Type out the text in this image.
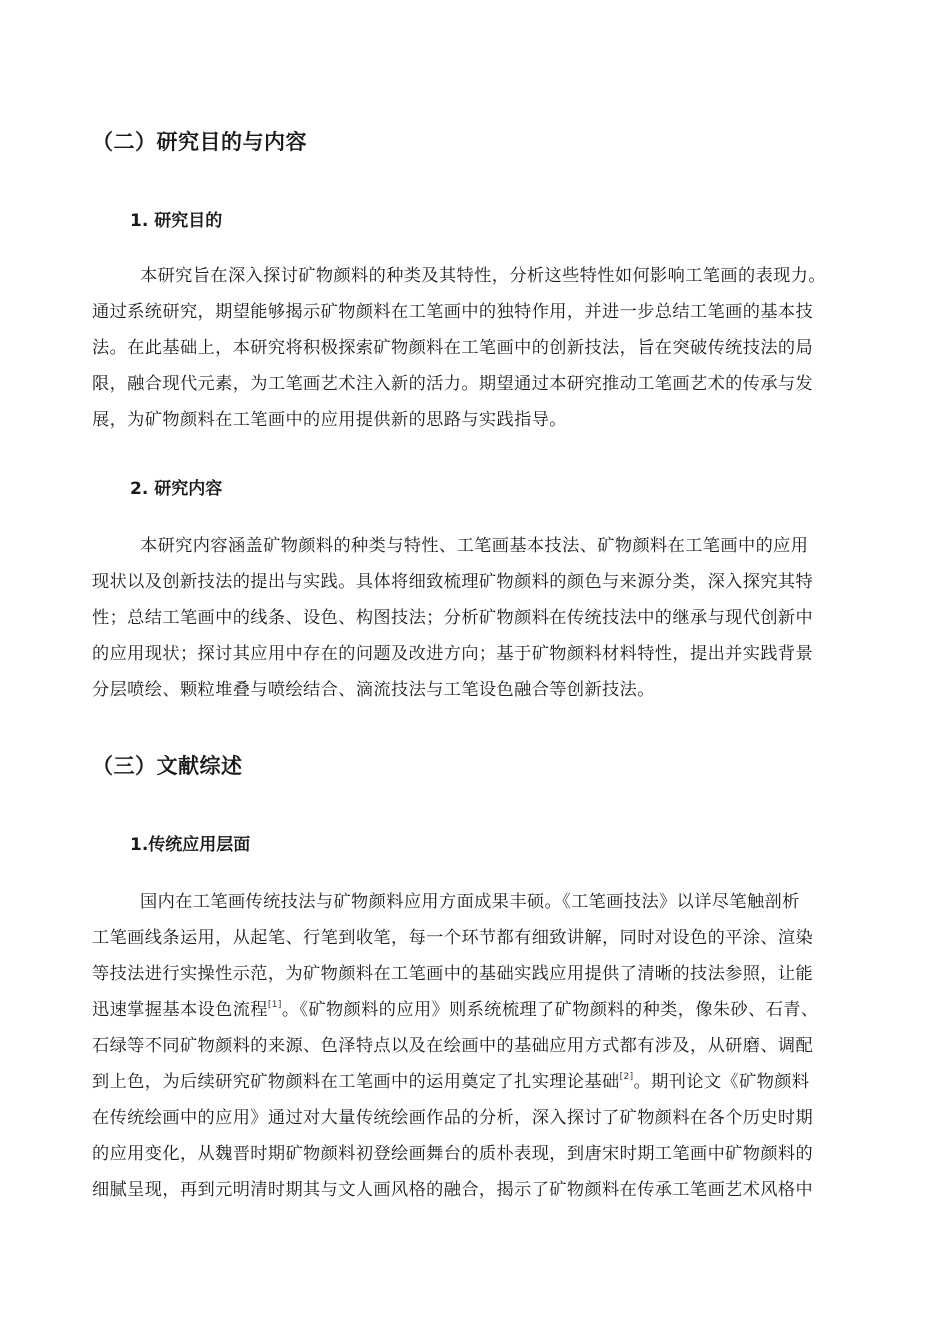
（二）研究目的与内容
1. 研究目的
本研究旨在深入探讨矿物颜料的种类及其特性，分析这些特性如何影响工笔画的表现力。
通过系统研究，期望能够揭示矿物颜料在工笔画中的独特作用，并进一步总结工笔画的基本技
法。在此基础上，本研究将积极探索矿物颜料在工笔画中的创新技法，旨在突破传统技法的局
限，融合现代元素，为工笔画艺术注入新的活力。期望通过本研究推动工笔画艺术的传承与发
展，为矿物颜料在工笔画中的应用提供新的思路与实践指导。
2. 研究内容
本研究内容涵盖矿物颜料的种类与特性、工笔画基本技法、矿物颜料在工笔画中的应用
现状以及创新技法的提出与实践。具体将细致梳理矿物颜料的颜色与来源分类，深入探究其特
性；总结工笔画中的线条、设色、构图技法；分析矿物颜料在传统技法中的继承与现代创新中
的应用现状；探讨其应用中存在的问题及改进方向；基于矿物颜料材料特性，提出并实践背景
分层喷绘、颗粒堆叠与喷绘结合、滴流技法与工笔设色融合等创新技法。
（三）文献综述
1.传统应用层面
国内在工笔画传统技法与矿物颜料应用方面成果丰硕。《工笔画技法》以详尽笔触剖析
工笔画线条运用，从起笔、行笔到收笔，每一个环节都有细致讲解，同时对设色的平涂、渲染
等技法进行实操性示范，为矿物颜料在工笔画中的基础实践应用提供了清晰的技法参照，让能
迅速掌握基本设色流程[1]。《矿物颜料的应用》则系统梳理了矿物颜料的种类，像朱砂、石青、
石绿等不同矿物颜料的来源、色泽特点以及在绘画中的基础应用方式都有涉及，从研磨、调配
到上色，为后续研究矿物颜料在工笔画中的运用奠定了扎实理论基础[2]。期刊论文《矿物颜料
在传统绘画中的应用》通过对大量传统绘画作品的分析，深入探讨了矿物颜料在各个历史时期
的应用变化，从魏晋时期矿物颜料初登绘画舞台的质朴表现，到唐宋时期工笔画中矿物颜料的
细腻呈现，再到元明清时期其与文人画风格的融合，揭示了矿物颜料在传承工笔画艺术风格中
